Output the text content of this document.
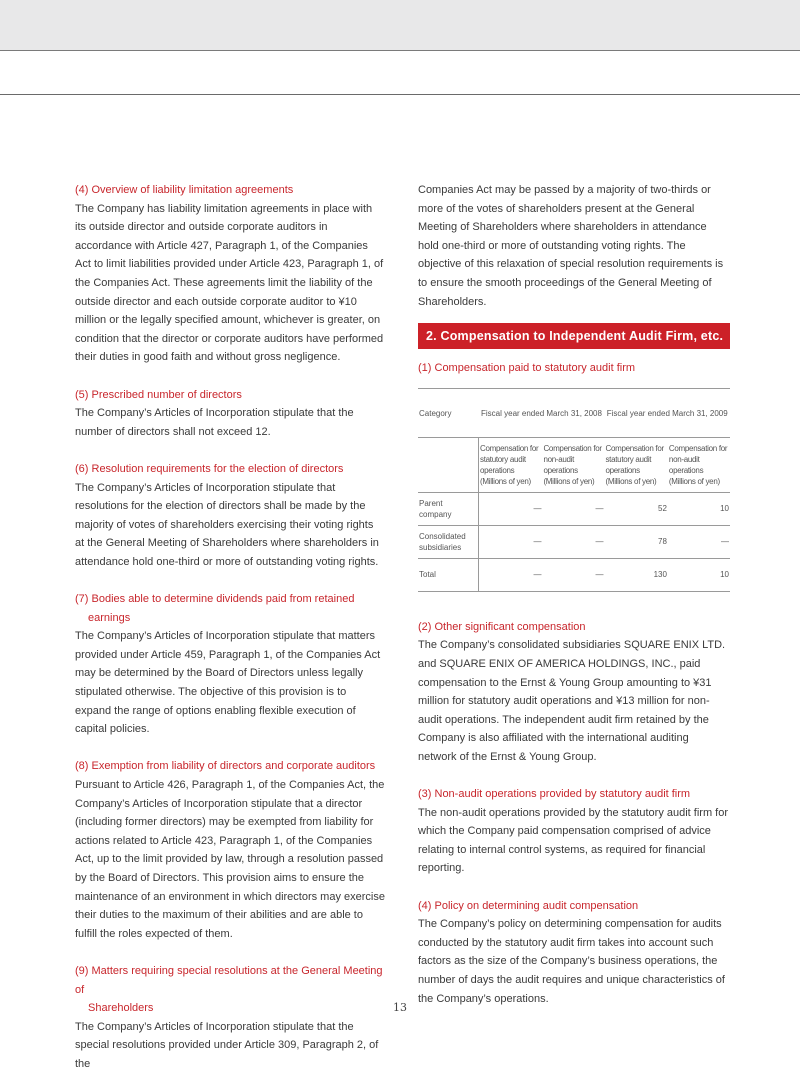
(4) Overview of liability limitation agreements

The Company has liability limitation agreements in place with its outside director and outside corporate auditors in accordance with Article 427, Paragraph 1, of the Companies Act to limit liabilities provided under Article 423, Paragraph 1, of the Companies Act. These agreements limit the liability of the outside director and each outside corporate auditor to ¥10 million or the legally specified amount, whichever is greater, on condition that the director or corporate auditors have performed their duties in good faith and without gross negligence.

(5) Prescribed number of directors

The Company’s Articles of Incorporation stipulate that the number of directors shall not exceed 12.

(6) Resolution requirements for the election of directors

The Company’s Articles of Incorporation stipulate that resolutions for the election of directors shall be made by the majority of votes of shareholders exercising their voting rights at the General Meeting of Shareholders where shareholders in attendance hold one-third or more of outstanding voting rights.

(7) Bodies able to determine dividends paid from retained
earnings

The Company’s Articles of Incorporation stipulate that matters provided under Article 459, Paragraph 1, of the Companies Act may be determined by the Board of Directors unless legally stipulated otherwise. The objective of this provision is to expand the range of options enabling flexible execution of capital policies.

(8) Exemption from liability of directors and corporate auditors

Pursuant to Article 426, Paragraph 1, of the Companies Act, the Company’s Articles of Incorporation stipulate that a director (including former directors) may be exempted from liability for actions related to Article 423, Paragraph 1, of the Companies Act, up to the limit provided by law, through a resolution passed by the Board of Directors. This provision aims to ensure the maintenance of an environment in which directors may exercise their duties to the maximum of their abilities and are able to fulfill the roles expected of them.

(9) Matters requiring special resolutions at the General Meeting of
Shareholders

The Company’s Articles of Incorporation stipulate that the special resolutions provided under Article 309, Paragraph 2, of the

Companies Act may be passed by a majority of two-thirds or more of the votes of shareholders present at the General Meeting of Shareholders where shareholders in attendance hold one-third or more of outstanding voting rights. The objective of this relaxation of special resolution requirements is to ensure the smooth proceedings of the General Meeting of Shareholders.

2. Compensation to Independent Audit Firm, etc.

(1) Compensation paid to statutory audit firm

Category	Fiscal year ended March 31, 2008		Fiscal year ended March 31, 2009	
	Compensation for statutory audit operations (Millions of yen)	Compensation for non-audit operations (Millions of yen)	Compensation for statutory audit operations (Millions of yen)	Compensation for non-audit operations (Millions of yen)
Parent company	—	—	52	10
Consolidated subsidiaries	—	—	78	—
Total	—	—	130	10

(2) Other significant compensation

The Company’s consolidated subsidiaries SQUARE ENIX LTD. and SQUARE ENIX OF AMERICA HOLDINGS, INC., paid compensation to the Ernst & Young Group amounting to ¥31 million for statutory audit operations and ¥13 million for non-audit operations. The independent audit firm retained by the Company is also affiliated with the international auditing network of the Ernst & Young Group.

(3) Non-audit operations provided by statutory audit firm

The non-audit operations provided by the statutory audit firm for which the Company paid compensation comprised of advice relating to internal control systems, as required for financial reporting.

(4) Policy on determining audit compensation

The Company’s policy on determining compensation for audits conducted by the statutory audit firm takes into account such factors as the size of the Company’s business operations, the number of days the audit requires and unique characteristics of the Company’s operations.

13
